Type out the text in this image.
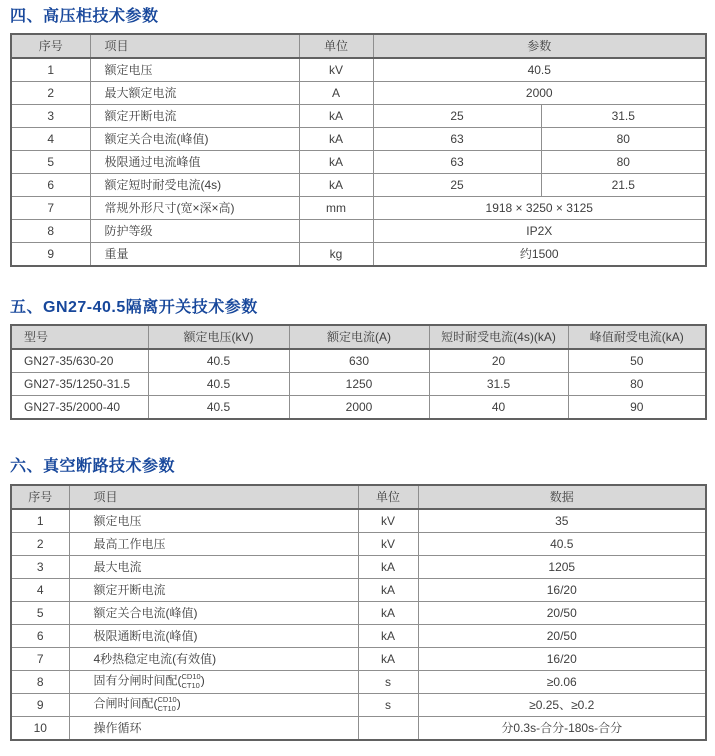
四、高压柜技术参数
序号	项目	单位	参数	
1	额定电压	kV	40.5	
2	最大额定电流	A	2000	
3	额定开断电流	kA	25	31.5
4	额定关合电流(峰值)	kA	63	80
5	极限通过电流峰值	kA	63	80
6	额定短时耐受电流(4s)	kA	25	21.5
7	常规外形尺寸(宽×深×高)	mm	1918 × 3250 × 3125	
8	防护等级		IP2X	
9	重量	kg	约1500	
五、GN27-40.5隔离开关技术参数
型号	额定电压(kV)	额定电流(A)	短时耐受电流(4s)(kA)	峰值耐受电流(kA)
GN27-35/630-20	40.5	630	20	50
GN27-35/1250-31.5	40.5	1250	31.5	80
GN27-35/2000-40	40.5	2000	40	90
六、真空断路技术参数
序号	项目	单位	数据
1	额定电压	kV	35
2	最高工作电压	kV	40.5
3	最大电流	kA	1205
4	额定开断电流	kA	16/20
5	额定关合电流(峰值)	kA	20/50
6	极限通断电流(峰值)	kA	20/50
7	4秒热稳定电流(有效值)	kA	16/20
8	固有分闸时间配( CD10
CT10 )	s	≥0.06
9	合闸时间配( CD10
CT10 )	s	≥0.25、≥0.2
10	操作循环		分0.3s-合分-180s-合分
